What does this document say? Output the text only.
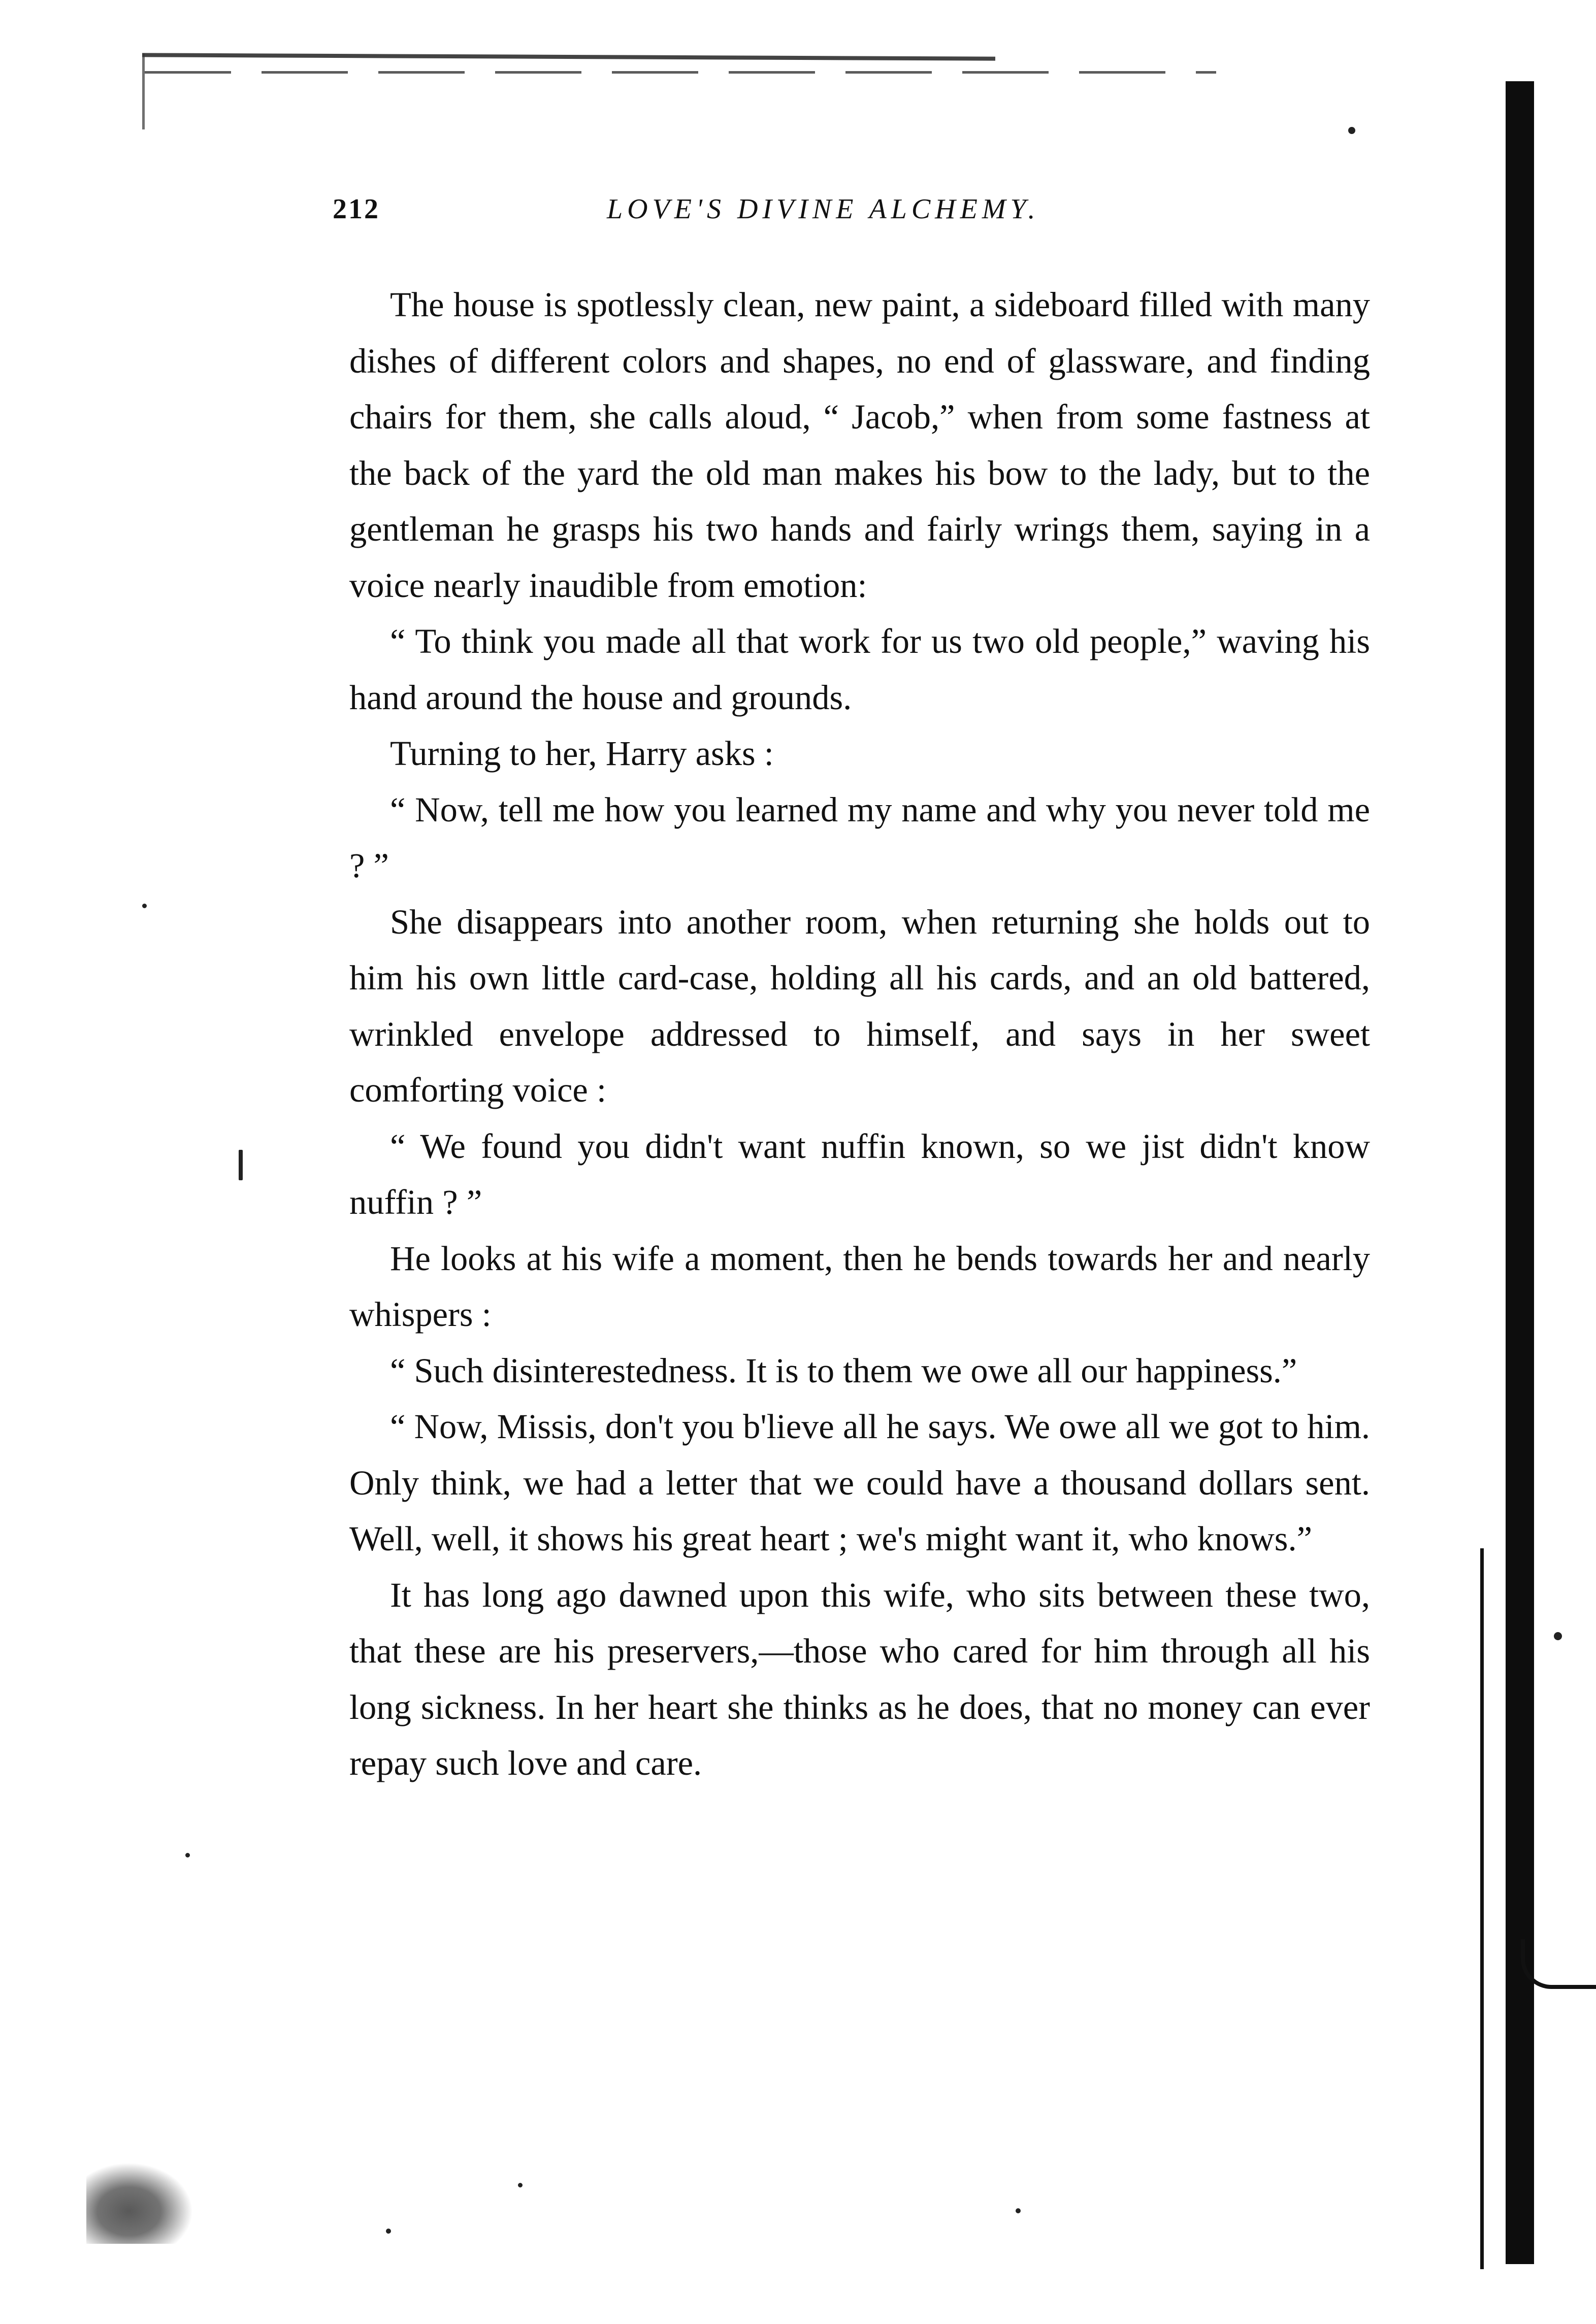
212	LOVE'S DIVINE ALCHEMY.

The house is spotlessly clean, new paint, a sideboard filled with many dishes of different colors and shapes, no end of glassware, and finding chairs for them, she calls aloud, “ Jacob,” when from some fastness at the back of the yard the old man makes his bow to the lady, but to the gentleman he grasps his two hands and fairly wrings them, saying in a voice nearly inaudible from emotion:

“ To think you made all that work for us two old people,” waving his hand around the house and grounds.

Turning to her, Harry asks :

“ Now, tell me how you learned my name and why you never told me ? ”

She disappears into another room, when returning she holds out to him his own little card-case, holding all his cards, and an old battered, wrinkled envelope addressed to himself, and says in her sweet comforting voice :

“ We found you didn't want nuffin known, so we jist didn't know nuffin ? ”

He looks at his wife a moment, then he bends towards her and nearly whispers :

“ Such disinterestedness. It is to them we owe all our happiness.”

“ Now, Missis, don't you b'lieve all he says. We owe all we got to him. Only think, we had a letter that we could have a thousand dollars sent. Well, well, it shows his great heart ; we's might want it, who knows.”

It has long ago dawned upon this wife, who sits between these two, that these are his preservers,—those who cared for him through all his long sickness. In her heart she thinks as he does, that no money can ever repay such love and care.
